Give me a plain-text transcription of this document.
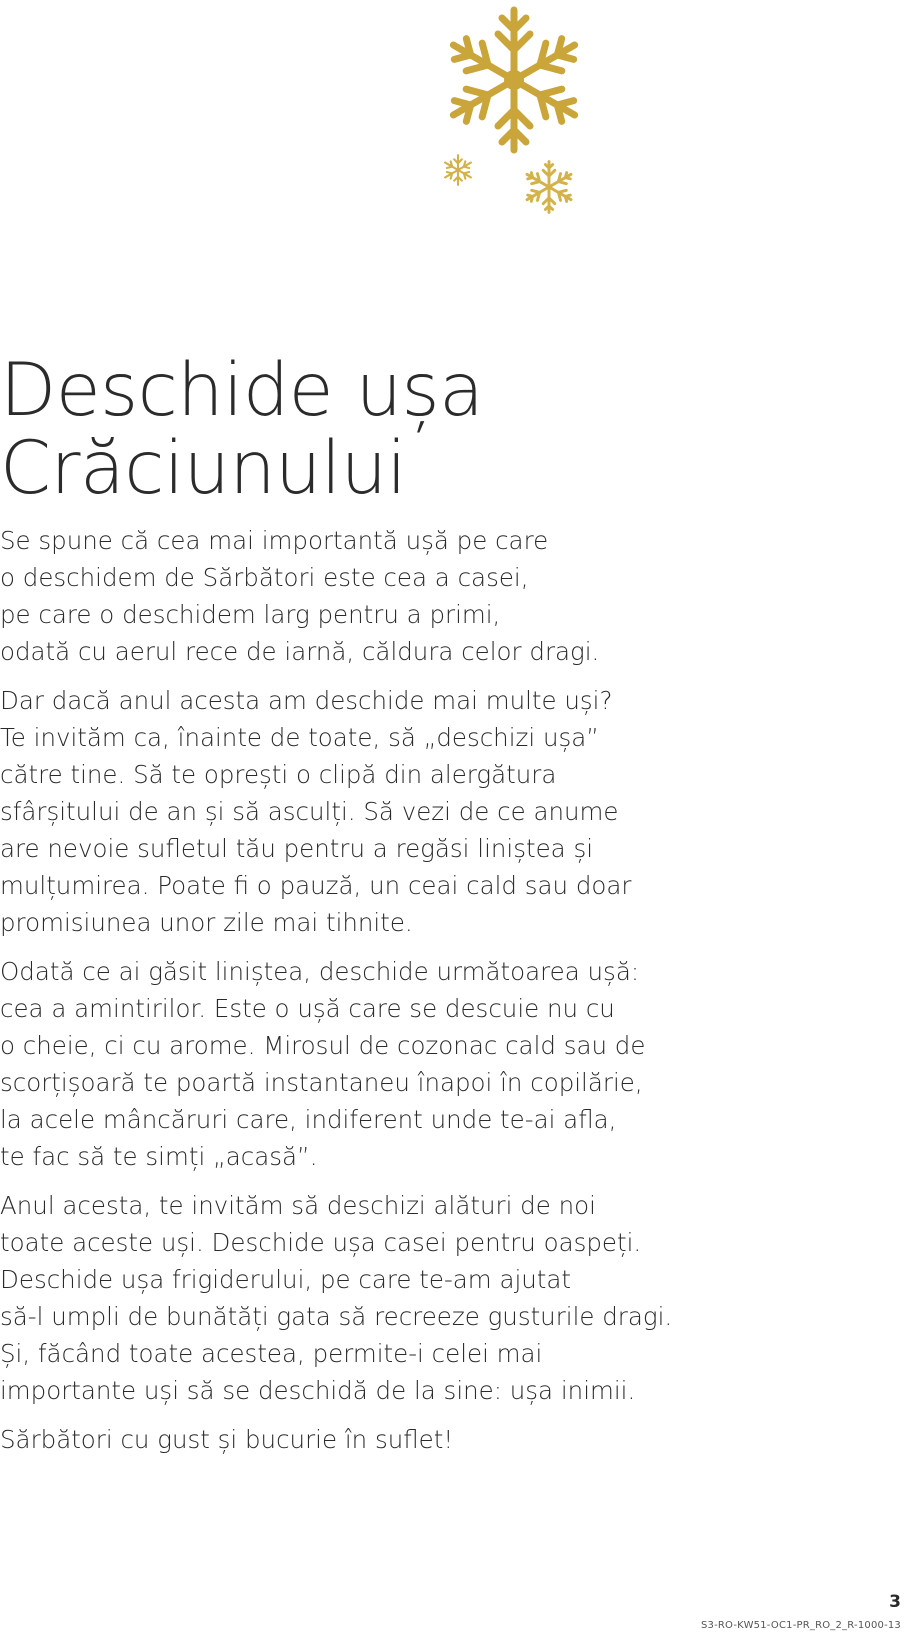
Deschide ușa
Crăciunului

Se spune că cea mai importantă ușă pe care
o deschidem de Sărbători este cea a casei,
pe care o deschidem larg pentru a primi,
odată cu aerul rece de iarnă, căldura celor dragi.

Dar dacă anul acesta am deschide mai multe uși?
Te invităm ca, înainte de toate, să „deschizi ușa”
către tine. Să te oprești o clipă din alergătura
sfârșitului de an și să asculți. Să vezi de ce anume
are nevoie sufletul tău pentru a regăsi liniștea și
mulțumirea. Poate fi o pauză, un ceai cald sau doar
promisiunea unor zile mai tihnite.

Odată ce ai găsit liniștea, deschide următoarea ușă:
cea a amintirilor. Este o ușă care se descuie nu cu
o cheie, ci cu arome. Mirosul de cozonac cald sau de
scorțișoară te poartă instantaneu înapoi în copilărie,
la acele mâncăruri care, indiferent unde te-ai afla,
te fac să te simți „acasă”.

Anul acesta, te invităm să deschizi alături de noi
toate aceste uși. Deschide ușa casei pentru oaspeți.
Deschide ușa frigiderului, pe care te-am ajutat
să-l umpli de bunătăți gata să recreeze gusturile dragi.
Și, făcând toate acestea, permite-i celei mai
importante uși să se deschidă de la sine: ușa inimii.

Sărbători cu gust și bucurie în suflet!

3
S3-RO-KW51-OC1-PR_RO_2_R-1000-13
